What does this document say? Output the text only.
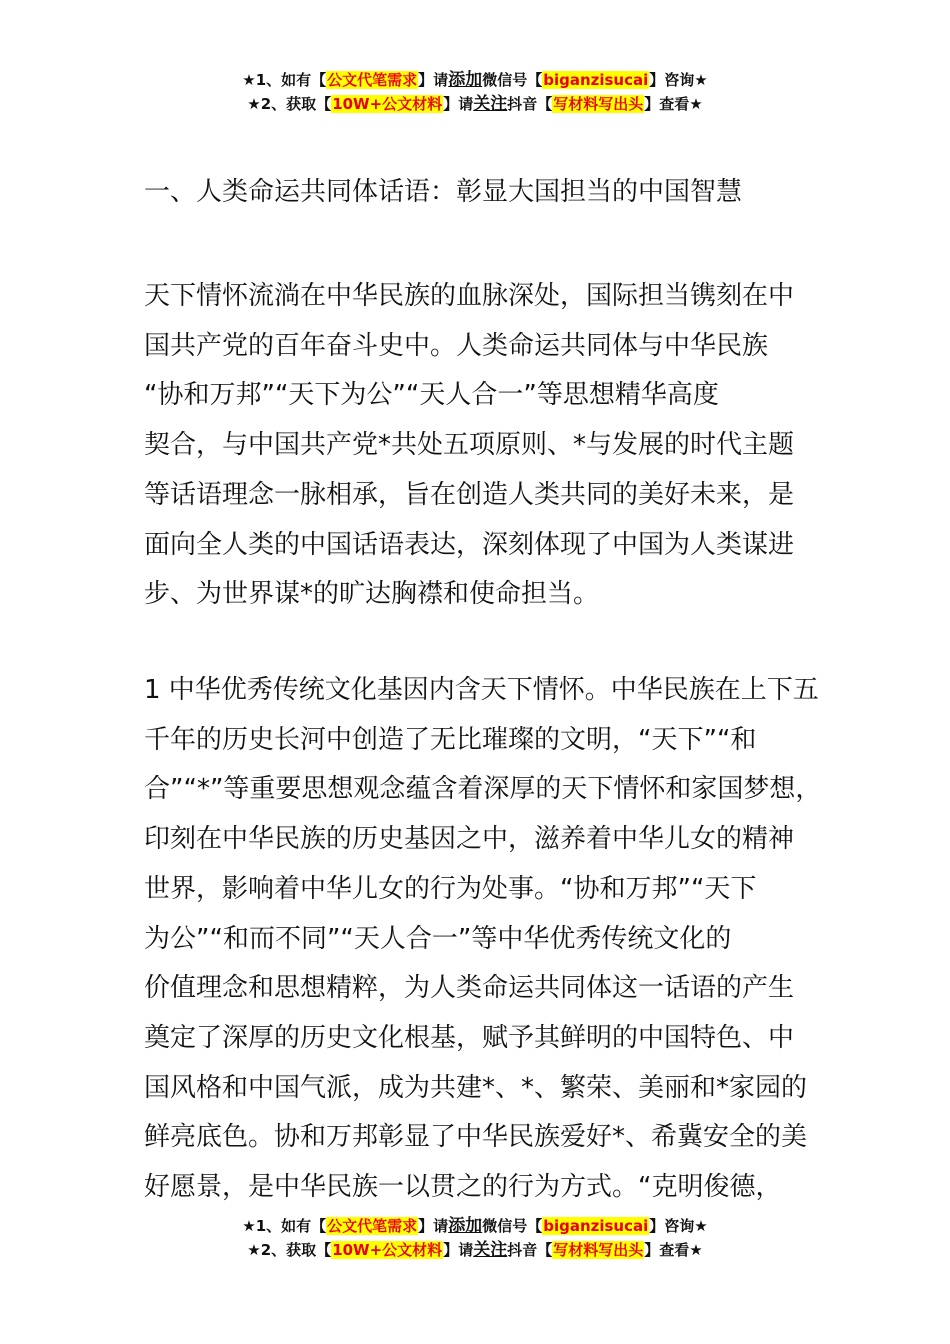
★1、如有【公文代笔需求】请添加微信号【biganzisucai】咨询★
★2、获取【10W+公文材料】请关注抖音【写材料写出头】查看★
一、人类命运共同体话语：彰显大国担当的中国智慧
天下情怀流淌在中华民族的血脉深处，国际担当镌刻在中
国共产党的百年奋斗史中。人类命运共同体与中华民族
“协和万邦”“天下为公”“天人合一”等思想精华高度
契合，与中国共产党*共处五项原则、*与发展的时代主题
等话语理念一脉相承，旨在创造人类共同的美好未来，是
面向全人类的中国话语表达，深刻体现了中国为人类谋进
步、为世界谋*的旷达胸襟和使命担当。
1 中华优秀传统文化基因内含天下情怀。中华民族在上下五
千年的历史长河中创造了无比璀璨的文明，“天下”“和
合”“*”等重要思想观念蕴含着深厚的天下情怀和家国梦想，
印刻在中华民族的历史基因之中，滋养着中华儿女的精神
世界，影响着中华儿女的行为处事。“协和万邦”“天下
为公”“和而不同”“天人合一”等中华优秀传统文化的
价值理念和思想精粹，为人类命运共同体这一话语的产生
奠定了深厚的历史文化根基，赋予其鲜明的中国特色、中
国风格和中国气派，成为共建*、*、繁荣、美丽和*家园的
鲜亮底色。协和万邦彰显了中华民族爱好*、希冀安全的美
好愿景，是中华民族一以贯之的行为方式。“克明俊德，
★1、如有【公文代笔需求】请添加微信号【biganzisucai】咨询★
★2、获取【10W+公文材料】请关注抖音【写材料写出头】查看★
